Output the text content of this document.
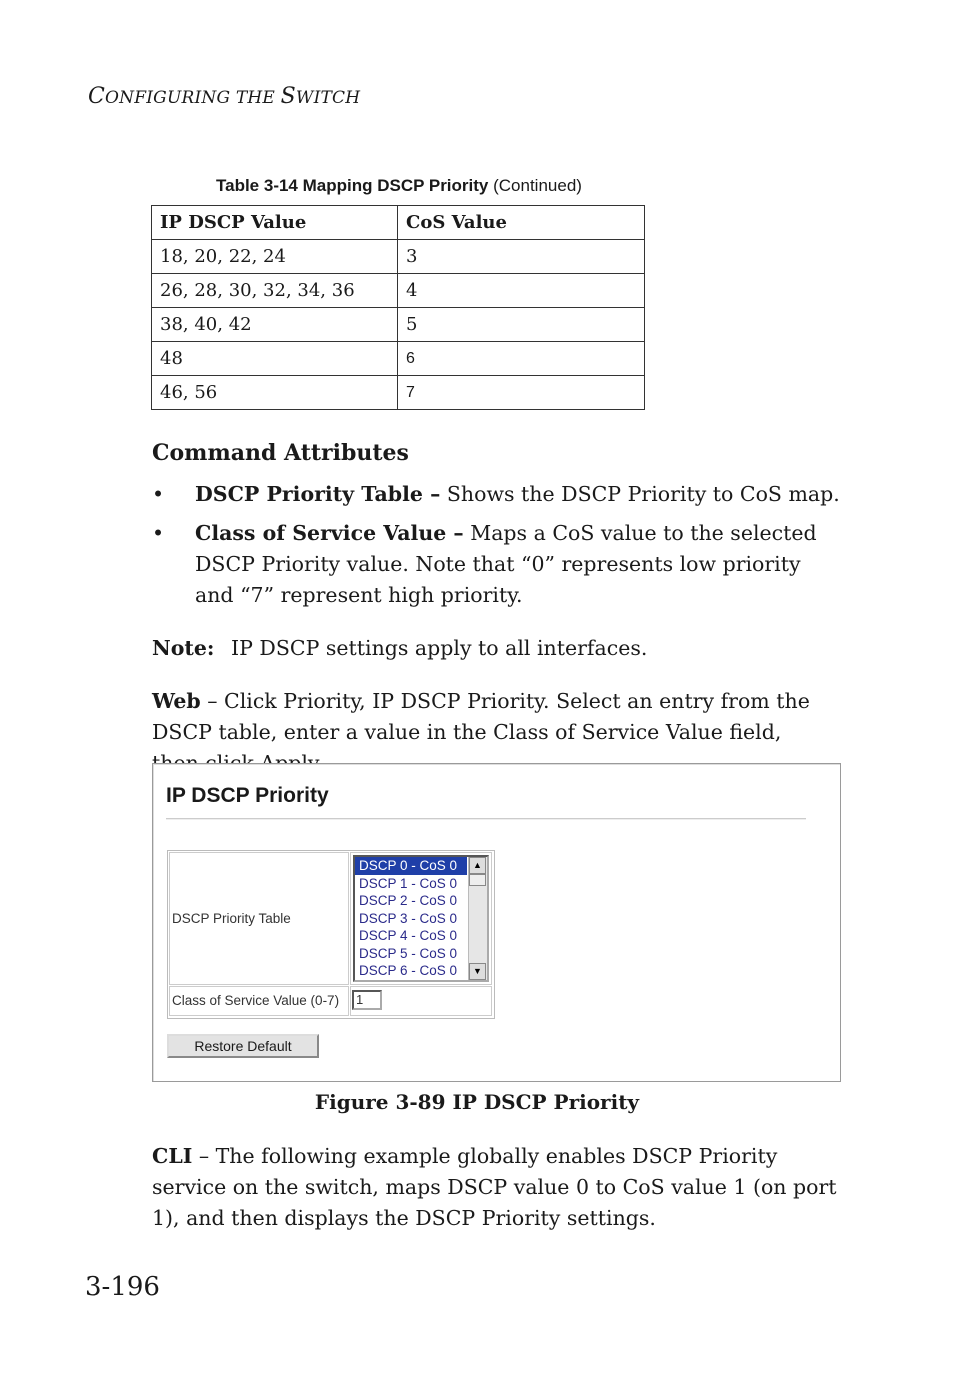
CONFIGURING THE SWITCH
Table 3-14 Mapping DSCP Priority (Continued)
IP DSCP Value	CoS Value
18, 20, 22, 24	3
26, 28, 30, 32, 34, 36	4
38, 40, 42	5
48	6
46, 56	7
Command Attributes
• DSCP Priority Table – Shows the DSCP Priority to CoS map.
• Class of Service Value – Maps a CoS value to the selected DSCP Priority value. Note that “0” represents low priority and “7” represent high priority.
Note: IP DSCP settings apply to all interfaces.
Web – Click Priority, IP DSCP Priority. Select an entry from the DSCP table, enter a value in the Class of Service Value field,
IP DSCP Priority
DSCP Priority Table
DSCP 0 - CoS 0
DSCP 1 - CoS 0
DSCP 2 - CoS 0
DSCP 3 - CoS 0
DSCP 4 - CoS 0
DSCP 5 - CoS 0
DSCP 6 - CoS 0
▲
▼
Class of Service Value (0-7)	1
Restore Default
Figure 3-89 IP DSCP Priority
CLI – The following example globally enables DSCP Priority service on the switch, maps DSCP value 0 to CoS value 1 (on port 1), and then displays the DSCP Priority settings.
3-196
